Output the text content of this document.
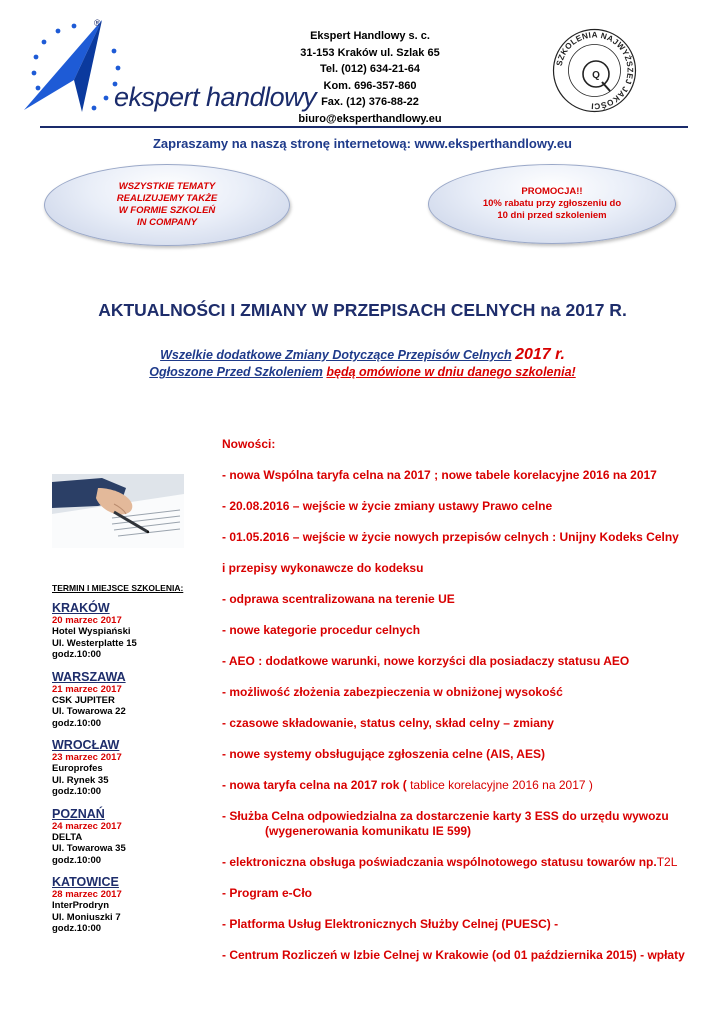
®
ekspert handlowy
Ekspert Handlowy s. c.
31-153 Kraków ul. Szlak 65
Tel. (012) 634-21-64
Kom. 696-357-860
Fax. (12) 376-88-22
biuro@eksperthandlowy.eu
SZKOLENIA NAJWYŻSZEJ JAKOŚCI
Q
Zapraszamy na naszą stronę internetową: www.eksperthandlowy.eu
WSZYSTKIE TEMATY
REALIZUJEMY TAKŻE
W FORMIE SZKOLEŃ
IN COMPANY
PROMOCJA!!
10% rabatu przy zgłoszeniu do
10 dni przed szkoleniem
AKTUALNOŚCI I ZMIANY W PRZEPISACH CELNYCH na 2017 R.
Wszelkie dodatkowe Zmiany Dotyczące Przepisów Celnych 2017 r.
Ogłoszone Przed Szkoleniem będą omówione w dniu danego szkolenia!
TERMIN I MIEJSCE SZKOLENIA:
KRAKÓW
20 marzec 2017
Hotel Wyspiański
Ul. Westerplatte 15
godz.10:00
WARSZAWA
21 marzec 2017
CSK JUPITER
Ul. Towarowa 22
godz.10:00
WROCŁAW
23 marzec 2017
Europrofes
Ul. Rynek 35
godz.10:00
POZNAŃ
24 marzec 2017
DELTA
Ul. Towarowa 35
godz.10:00
KATOWICE
28 marzec 2017
InterProdryn
Ul. Moniuszki 7
godz.10:00
Nowości:
- nowa Wspólna taryfa celna na 2017 ; nowe tabele korelacyjne 2016 na 2017
- 20.08.2016 – wejście w życie zmiany ustawy Prawo celne
- 01.05.2016 – wejście w życie nowych przepisów celnych : Unijny Kodeks Celny
i przepisy wykonawcze do kodeksu
- odprawa scentralizowana na terenie UE
- nowe kategorie procedur celnych
- AEO : dodatkowe warunki, nowe korzyści dla posiadaczy statusu AEO
- możliwość złożenia zabezpieczenia w obniżonej wysokość
- czasowe składowanie, status celny, skład celny – zmiany
- nowe systemy obsługujące zgłoszenia celne (AIS, AES)
- nowa taryfa celna na 2017 rok ( tablice korelacyjne 2016 na 2017 )
- Służba Celna odpowiedzialna za dostarczenie karty 3 ESS do urzędu wywozu
(wygenerowania komunikatu IE 599)
- elektroniczna obsługa poświadczania wspólnotowego statusu towarów np.T2L
- Program e-Cło
- Platforma Usług Elektronicznych Służby Celnej (PUESC) -
- Centrum Rozliczeń w Izbie Celnej w Krakowie (od 01 października 2015) - wpłaty
